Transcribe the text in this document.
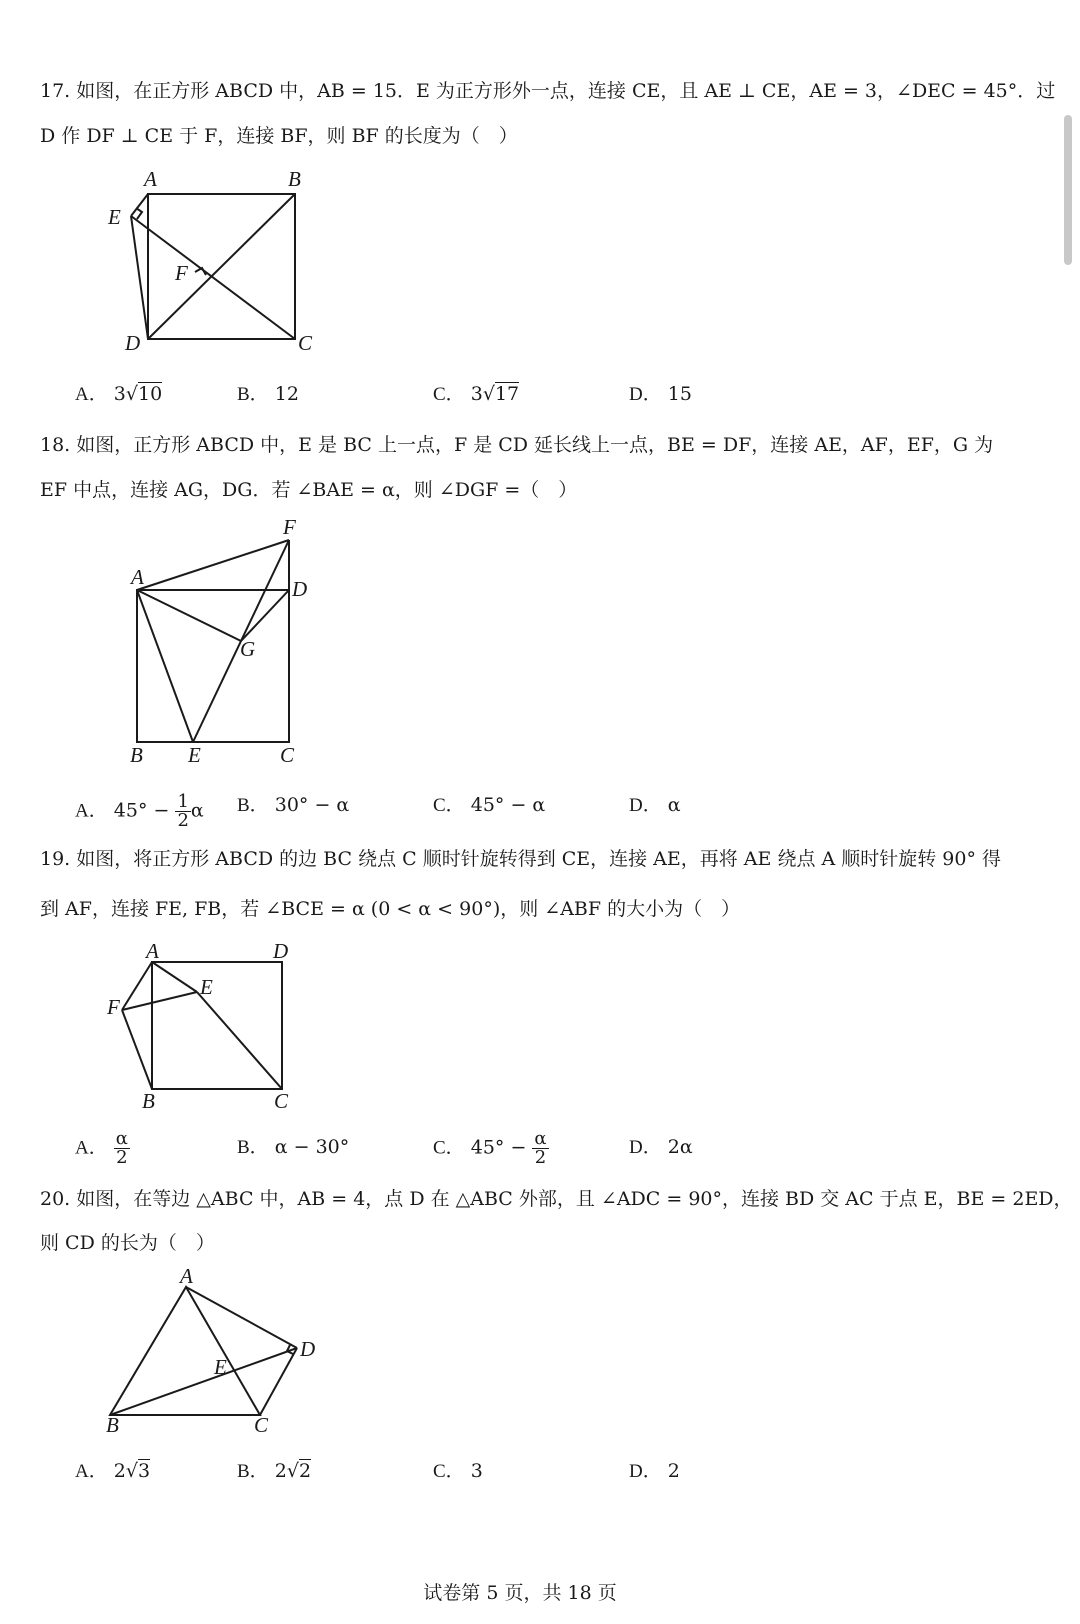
17. 如图，在正方形 ABCD 中，AB = 15．E 为正方形外一点，连接 CE，且 AE ⊥ CE，AE = 3，∠DEC = 45°．过
D 作 DF ⊥ CE 于 F，连接 BF，则 BF 的长度为（　）
A	B
E
F
D	C
A． 3√10	B． 12	C． 3√17	D． 15
18. 如图，正方形 ABCD 中，E 是 BC 上一点，F 是 CD 延长线上一点，BE = DF，连接 AE，AF，EF，G 为
EF 中点，连接 AG，DG．若 ∠BAE = α，则 ∠DGF =（　）
F
A	D
G
B E	C
A． $45^\circ - \frac{1}{2}$ α B． 30° − α	C． 45° − α	D． α
19. 如图，将正方形 ABCD 的边 BC 绕点 C 顺时针旋转得到 CE，连接 AE，再将 AE 绕点 A 顺时针旋转 90° 得
到 AF，连接 FE, FB，若 ∠BCE = α (0 < α < 90°)，则 ∠ABF 的大小为（　）
A	D
E
F
B	C
A． $\frac{\alpha}{2}$	B． α − 30°	C． $45^\circ - \frac{\alpha}{2}$	D． 2α
20. 如图，在等边 △ABC 中，AB = 4，点 D 在 △ABC 外部，且 ∠ADC = 90°，连接 BD 交 AC 于点 E，BE = 2ED，
则 CD 的长为（　）
A
D
E
B	C
A． 2√3	B． 2√2	C． 3	D． 2
试卷第 5 页，共 18 页
